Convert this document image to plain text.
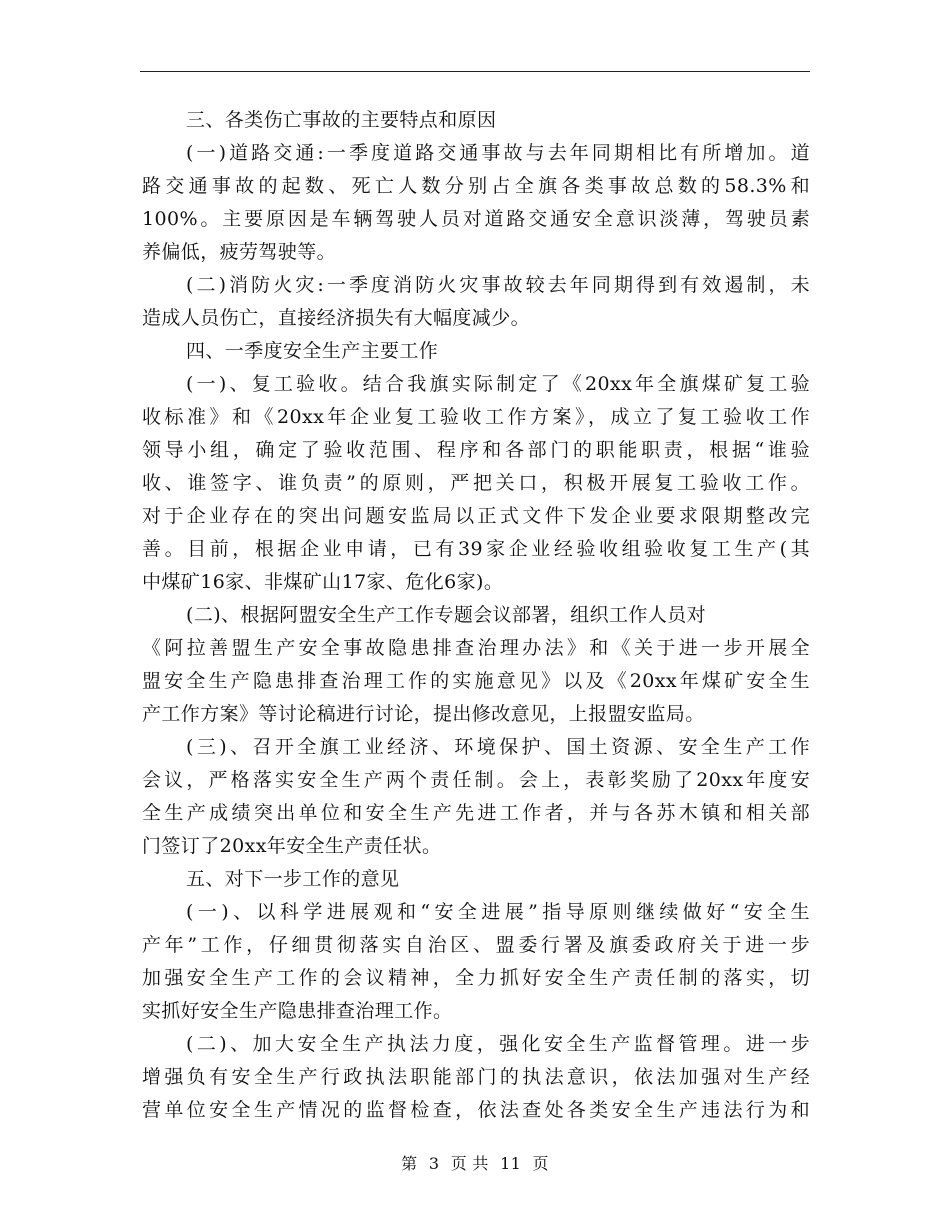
三、各类伤亡事故的主要特点和原因
(一)道路交通:一季度道路交通事故与去年同期相比有所增加。道
路交通事故的起数、死亡人数分别占全旗各类事故总数的58.3%和
100%。主要原因是车辆驾驶人员对道路交通安全意识淡薄，驾驶员素
养偏低，疲劳驾驶等。
(二)消防火灾:一季度消防火灾事故较去年同期得到有效遏制，未
造成人员伤亡，直接经济损失有大幅度减少。
四、一季度安全生产主要工作
(一)、复工验收。结合我旗实际制定了《20xx年全旗煤矿复工验
收标准》和《20xx年企业复工验收工作方案》，成立了复工验收工作
领导小组，确定了验收范围、程序和各部门的职能职责，根据“谁验
收、谁签字、谁负责”的原则，严把关口，积极开展复工验收工作。
对于企业存在的突出问题安监局以正式文件下发企业要求限期整改完
善。目前，根据企业申请，已有39家企业经验收组验收复工生产(其
中煤矿16家、非煤矿山17家、危化6家)。
(二)、根据阿盟安全生产工作专题会议部署，组织工作人员对
《阿拉善盟生产安全事故隐患排查治理办法》和《关于进一步开展全
盟安全生产隐患排查治理工作的实施意见》以及《20xx年煤矿安全生
产工作方案》等讨论稿进行讨论，提出修改意见，上报盟安监局。
(三)、召开全旗工业经济、环境保护、国土资源、安全生产工作
会议，严格落实安全生产两个责任制。会上，表彰奖励了20xx年度安
全生产成绩突出单位和安全生产先进工作者，并与各苏木镇和相关部
门签订了20xx年安全生产责任状。
五、对下一步工作的意见
(一)、以科学进展观和“安全进展”指导原则继续做好“安全生
产年”工作，仔细贯彻落实自治区、盟委行署及旗委政府关于进一步
加强安全生产工作的会议精神，全力抓好安全生产责任制的落实，切
实抓好安全生产隐患排查治理工作。
(二)、加大安全生产执法力度，强化安全生产监督管理。进一步
增强负有安全生产行政执法职能部门的执法意识，依法加强对生产经
营单位安全生产情况的监督检查，依法查处各类安全生产违法行为和
第 3 页 共 11 页
